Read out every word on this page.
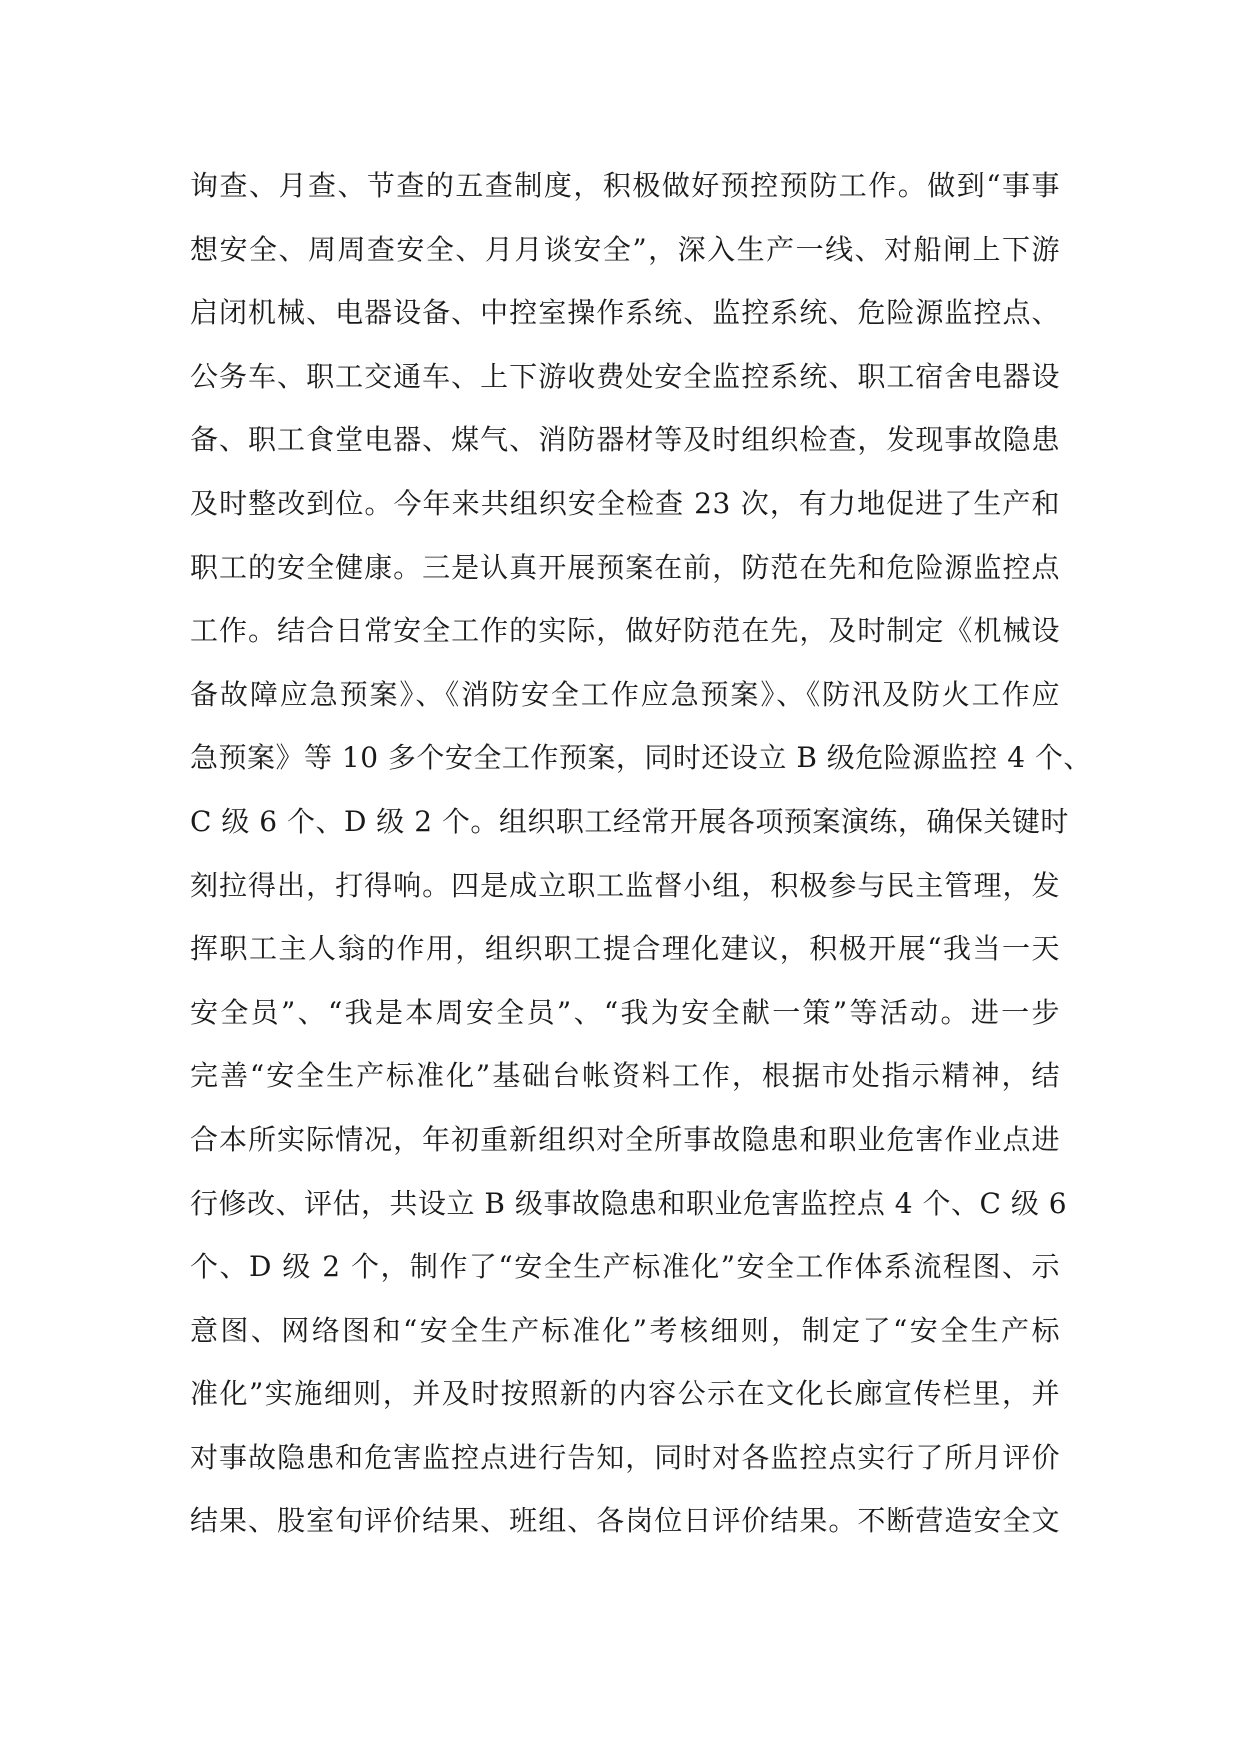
询查、月查、节查的五查制度，积极做好预控预防工作。做到“事事
想安全、周周查安全、月月谈安全”，深入生产一线、对船闸上下游
启闭机械、电器设备、中控室操作系统、监控系统、危险源监控点、
公务车、职工交通车、上下游收费处安全监控系统、职工宿舍电器设
备、职工食堂电器、煤气、消防器材等及时组织检查，发现事故隐患
及时整改到位。今年来共组织安全检查 23 次，有力地促进了生产和
职工的安全健康。三是认真开展预案在前，防范在先和危险源监控点
工作。结合日常安全工作的实际，做好防范在先，及时制定《机械设
备故障应急预案》、《消防安全工作应急预案》、《防汛及防火工作应
急预案》等 10 多个安全工作预案，同时还设立 B 级危险源监控 4 个、
C 级 6 个、D 级 2 个。组织职工经常开展各项预案演练，确保关键时
刻拉得出，打得响。四是成立职工监督小组，积极参与民主管理，发
挥职工主人翁的作用，组织职工提合理化建议，积极开展“我当一天
安全员”、“我是本周安全员”、“我为安全献一策”等活动。进一步
完善“安全生产标准化”基础台帐资料工作，根据市处指示精神，结
合本所实际情况，年初重新组织对全所事故隐患和职业危害作业点进
行修改、评估，共设立 B 级事故隐患和职业危害监控点 4 个、C 级 6
个、D 级 2 个，制作了“安全生产标准化”安全工作体系流程图、示
意图、网络图和“安全生产标准化”考核细则，制定了“安全生产标
准化”实施细则，并及时按照新的内容公示在文化长廊宣传栏里，并
对事故隐患和危害监控点进行告知，同时对各监控点实行了所月评价
结果、股室旬评价结果、班组、各岗位日评价结果。不断营造安全文
